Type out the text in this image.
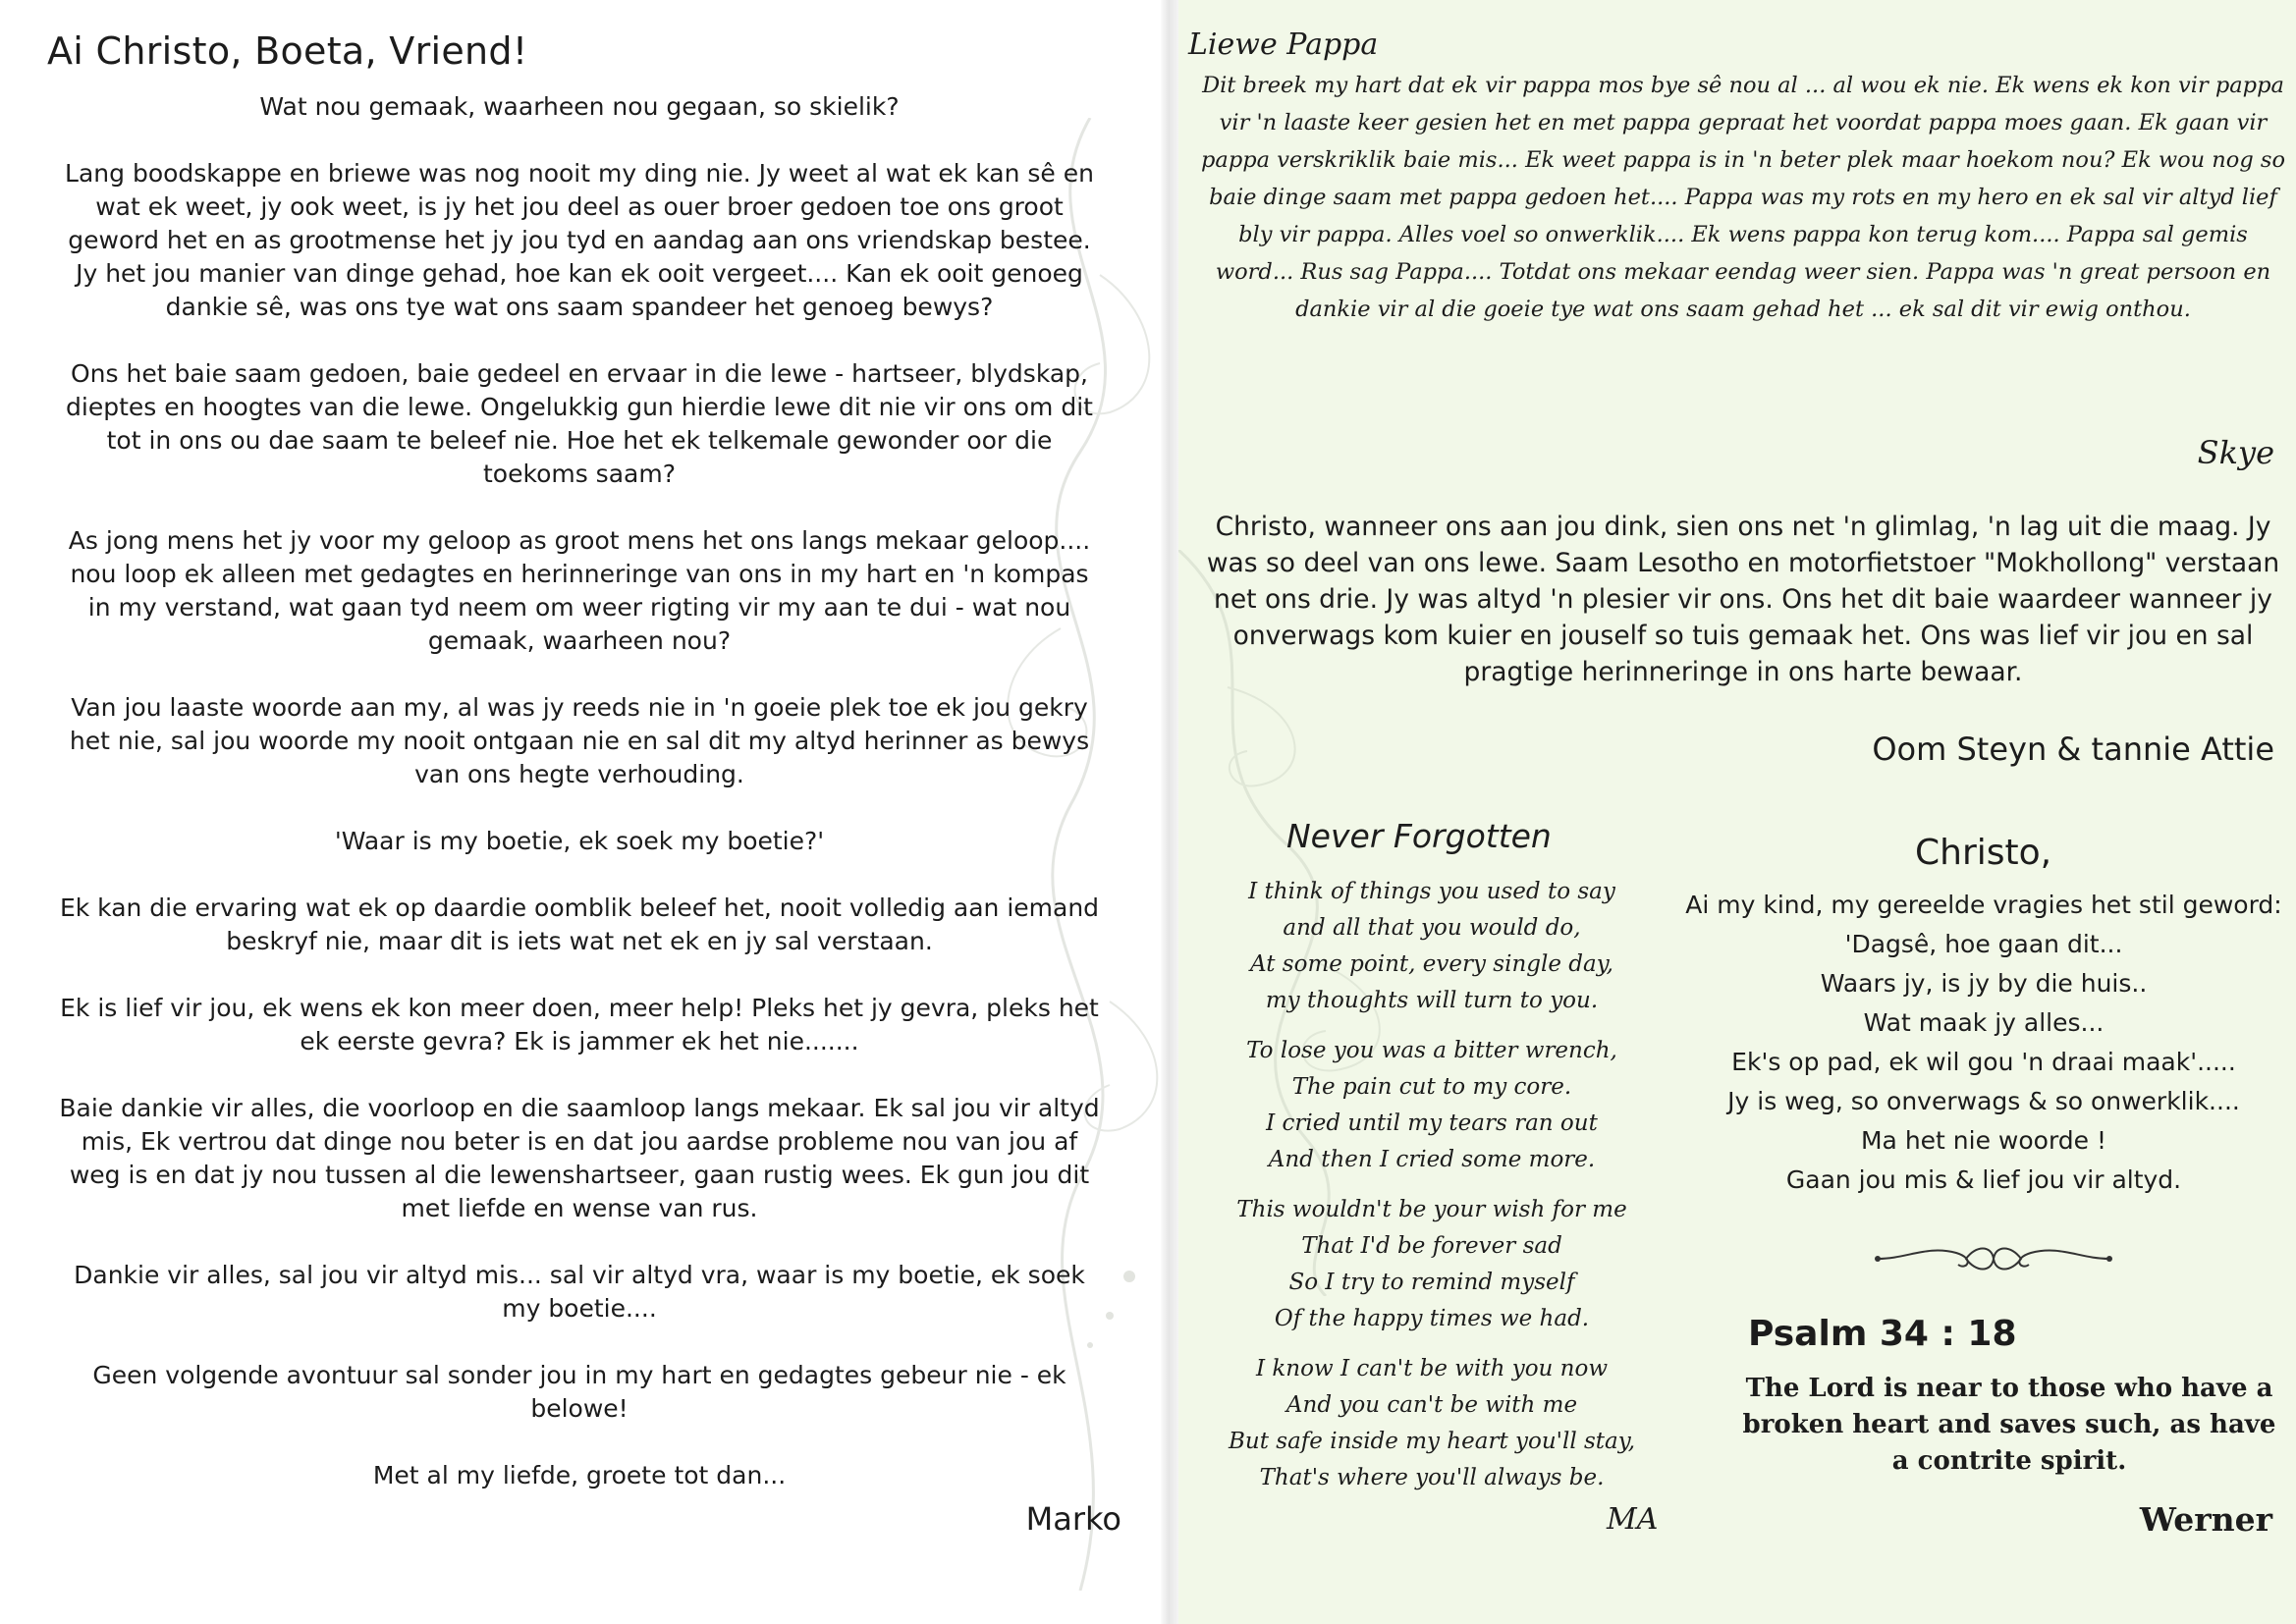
Ai Christo, Boeta, Vriend!

Wat nou gemaak, waarheen nou gegaan, so skielik?

Lang boodskappe en briewe was nog nooit my ding nie. Jy weet al wat ek kan sê en wat ek weet, jy ook weet, is jy het jou deel as ouer broer gedoen toe ons groot geword het en as grootmense het jy jou tyd en aandag aan ons vriendskap bestee. Jy het jou manier van dinge gehad, hoe kan ek ooit vergeet.... Kan ek ooit genoeg dankie sê, was ons tye wat ons saam spandeer het genoeg bewys?

Ons het baie saam gedoen, baie gedeel en ervaar in die lewe - hartseer, blydskap, dieptes en hoogtes van die lewe. Ongelukkig gun hierdie lewe dit nie vir ons om dit tot in ons ou dae saam te beleef nie. Hoe het ek telkemale gewonder oor die toekoms saam?

As jong mens het jy voor my geloop as groot mens het ons langs mekaar geloop.... nou loop ek alleen met gedagtes en herinneringe van ons in my hart en 'n kompas in my verstand, wat gaan tyd neem om weer rigting vir my aan te dui - wat nou gemaak, waarheen nou?

Van jou laaste woorde aan my, al was jy reeds nie in 'n goeie plek toe ek jou gekry het nie, sal jou woorde my nooit ontgaan nie en sal dit my altyd herinner as bewys van ons hegte verhouding.

'Waar is my boetie, ek soek my boetie?'

Ek kan die ervaring wat ek op daardie oomblik beleef het, nooit volledig aan iemand beskryf nie, maar dit is iets wat net ek en jy sal verstaan.

Ek is lief vir jou, ek wens ek kon meer doen, meer help! Pleks het jy gevra, pleks het ek eerste gevra? Ek is jammer ek het nie.......

Baie dankie vir alles, die voorloop en die saamloop langs mekaar. Ek sal jou vir altyd mis, Ek vertrou dat dinge nou beter is en dat jou aardse probleme nou van jou af weg is en dat jy nou tussen al die lewenshartseer, gaan rustig wees. Ek gun jou dit met liefde en wense van rus.

Dankie vir alles, sal jou vir altyd mis... sal vir altyd vra, waar is my boetie, ek soek my boetie....

Geen volgende avontuur sal sonder jou in my hart en gedagtes gebeur nie - ek belowe!

Met al my liefde, groete tot dan...

Marko
Liewe Pappa

Dit breek my hart dat ek vir pappa mos bye sê nou al ... al wou ek nie. Ek wens ek kon vir pappa vir 'n laaste keer gesien het en met pappa gepraat het voordat pappa moes gaan. Ek gaan vir pappa verskriklik baie mis... Ek weet pappa is in 'n beter plek maar hoekom nou? Ek wou nog so baie dinge saam met pappa gedoen het.... Pappa was my rots en my hero en ek sal vir altyd lief bly vir pappa. Alles voel so onwerklik.... Ek wens pappa kon terug kom.... Pappa sal gemis word... Rus sag Pappa.... Totdat ons mekaar eendag weer sien. Pappa was 'n great persoon en dankie vir al die goeie tye wat ons saam gehad het ... ek sal dit vir ewig onthou.

Skye

Christo, wanneer ons aan jou dink, sien ons net 'n glimlag, 'n lag uit die maag. Jy was so deel van ons lewe. Saam Lesotho en motorfietstoer "Mokhollong" verstaan net ons drie. Jy was altyd 'n plesier vir ons. Ons het dit baie waardeer wanneer jy onverwags kom kuier en jouself so tuis gemaak het. Ons was lief vir jou en sal pragtige herinneringe in ons harte bewaar.

Oom Steyn & tannie Attie
Never Forgotten
I think of things you used to say
and all that you would do,
At some point, every single day,
my thoughts will turn to you.
To lose you was a bitter wrench,
The pain cut to my core.
I cried until my tears ran out
And then I cried some more.
This wouldn't be your wish for me
That I'd be forever sad
So I try to remind myself
Of the happy times we had.
I know I can't be with you now
And you can't be with me
But safe inside my heart you'll stay,
That's where you'll always be.
MA
Christo,
Ai my kind, my gereelde vragies het stil geword:
'Dagsê, hoe gaan dit...
Waars jy, is jy by die huis..
Wat maak jy alles...
Ek's op pad, ek wil gou 'n draai maak'.....
Jy is weg, so onverwags & so onwerklik....
Ma het nie woorde !
Gaan jou mis & lief jou vir altyd.
Psalm 34 : 18

The Lord is near to those who have a broken heart and saves such, as have a contrite spirit.

Werner
